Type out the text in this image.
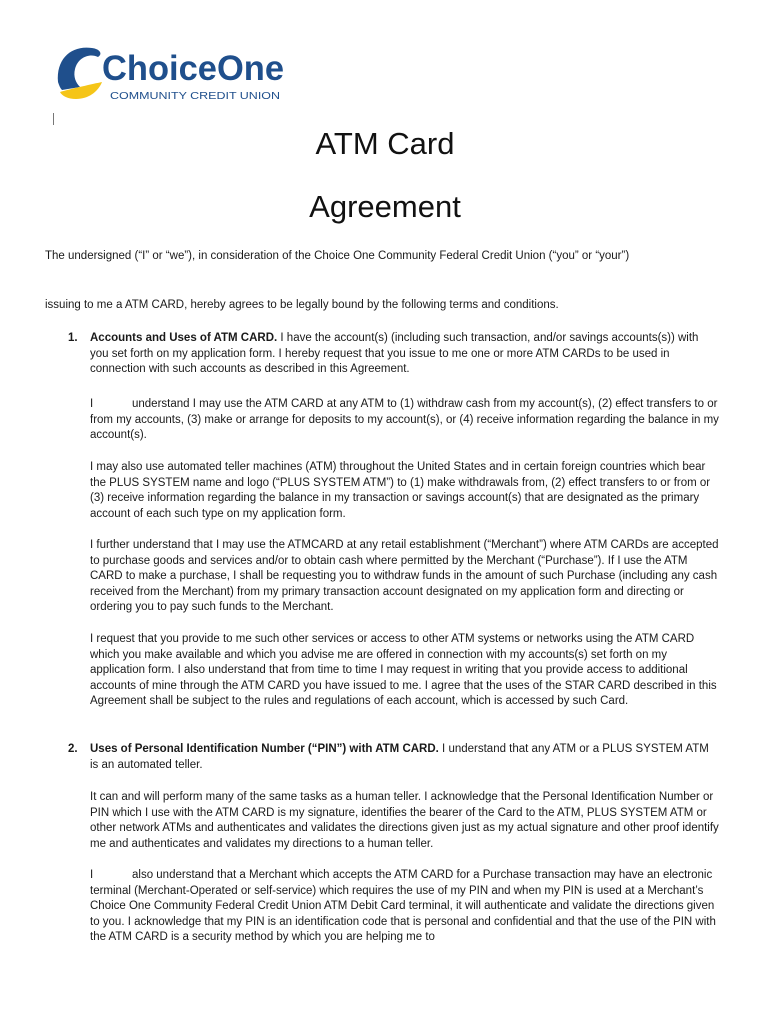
ChoiceOne
COMMUNITY CREDIT UNION
ATM Card
Agreement

The undersigned (“I” or “we”), in consideration of the Choice One Community Federal Credit Union (“you” or “your”)

issuing to me a ATM CARD, hereby agrees to be legally bound by the following terms and conditions.

1. Accounts and Uses of ATM CARD. I have the account(s) (including such transaction, and/or savings accounts(s)) with you set forth on my application form. I hereby request that you issue to me one or more ATM CARDs to be used in connection with such accounts as described in this Agreement.

I	understand I may use the ATM CARD at any ATM to (1) withdraw cash from my account(s), (2) effect transfers to or from my accounts, (3) make or arrange for deposits to my account(s), or (4) receive information regarding the balance in my account(s).

I may also use automated teller machines (ATM) throughout the United States and in certain foreign countries which bear the PLUS SYSTEM name and logo (“PLUS SYSTEM ATM”) to (1) make withdrawals from, (2) effect transfers to or from or (3) receive information regarding the balance in my transaction or savings account(s) that are designated as the primary account of each such type on my application form.

I further understand that I may use the ATMCARD at any retail establishment (“Merchant”) where ATM CARDs are accepted to purchase goods and services and/or to obtain cash where permitted by the Merchant (“Purchase”). If I use the ATM CARD to make a purchase, I shall be requesting you to withdraw funds in the amount of such Purchase (including any cash received from the Merchant) from my primary transaction account designated on my application form and directing or ordering you to pay such funds to the Merchant.

I request that you provide to me such other services or access to other ATM systems or networks using the ATM CARD which you make available and which you advise me are offered in connection with my accounts(s) set forth on my application form. I also understand that from time to time I may request in writing that you provide access to additional accounts of mine through the ATM CARD you have issued to me. I agree that the uses of the STAR CARD described in this Agreement shall be subject to the rules and regulations of each account, which is accessed by such Card.

2. Uses of Personal Identification Number (“PIN”) with ATM CARD. I understand that any ATM or a PLUS SYSTEM ATM is an automated teller.

It can and will perform many of the same tasks as a human teller. I acknowledge that the Personal Identification Number or PIN which I use with the ATM CARD is my signature, identifies the bearer of the Card to the ATM, PLUS SYSTEM ATM or other network ATMs and authenticates and validates the directions given just as my actual signature and other proof identify me and authenticates and validates my directions to a human teller.

I	also understand that a Merchant which accepts the ATM CARD for a Purchase transaction may have an electronic terminal (Merchant-Operated or self-service) which requires the use of my PIN and when my PIN is used at a Merchant’s Choice One Community Federal Credit Union ATM Debit Card terminal, it will authenticate and validate the directions given to you. I acknowledge that my PIN is an identification code that is personal and confidential and that the use of the PIN with the ATM CARD is a security method by which you are helping me to
